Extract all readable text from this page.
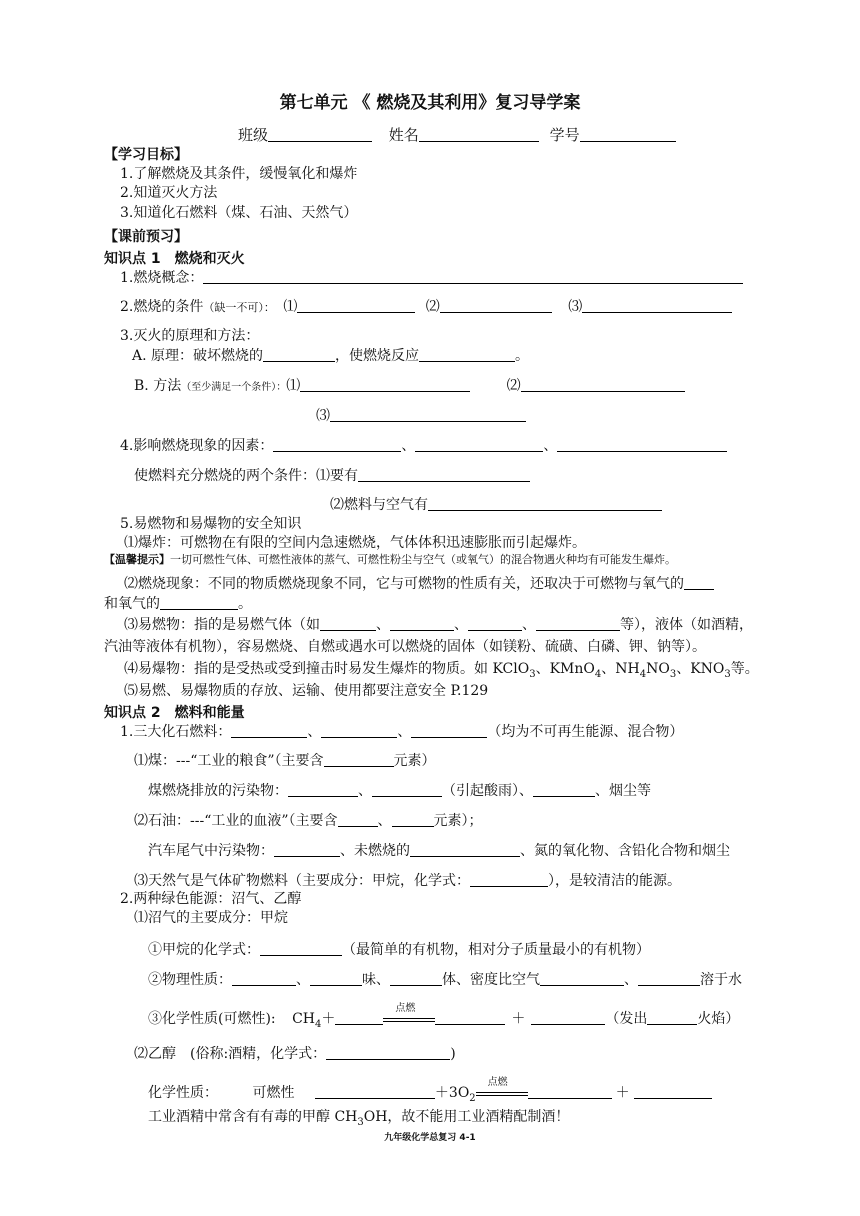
第七单元 《 燃烧及其利用》复习导学案
班级	姓名	学号
【学习目标】
1.了解燃烧及其条件，缓慢氧化和爆炸
2.知道灭火方法
3.知道化石燃料（煤、石油、天然气）
【课前预习】
知识点 1　燃烧和灭火
1.燃烧概念：
2.燃烧的条件（缺一不可）： ⑴	⑵	⑶
3.灭火的原理和方法：
A. 原理：破坏燃烧的	，使燃烧反应	。
B. 方法（至少满足一个条件）：⑴	⑵
⑶
4.影响燃烧现象的因素：	、	、
使燃料充分燃烧的两个条件：⑴要有
⑵燃料与空气有
5.易燃物和易爆物的安全知识
⑴爆炸：可燃物在有限的空间内急速燃烧，气体体积迅速膨胀而引起爆炸。
【温馨提示】一切可燃性气体、可燃性液体的蒸气、可燃性粉尘与空气（或氧气）的混合物遇火种均有可能发生爆炸。
⑵燃烧现象：不同的物质燃烧现象不同，它与可燃物的性质有关，还取决于可燃物与氧气的
和氧气的	。
⑶易燃物：指的是易燃气体（如	、	、	、	等），液体（如酒精，
汽油等液体有机物），容易燃烧、自燃或遇水可以燃烧的固体（如镁粉、硫磺、白磷、钾、钠等）。
⑷易爆物：指的是受热或受到撞击时易发生爆炸的物质。如 KClO$_3$、KMnO$_4$、$NH_4NO_3$、$KNO_3$等。
⑸易燃、易爆物质的存放、运输、使用都要注意安全 P.129
知识点 2　燃料和能量
1.三大化石燃料：	、	、	（均为不可再生能源、混合物）
⑴煤：---“工业的粮食”（主要含	元素）
煤燃烧排放的污染物：	、	（引起酸雨）、	、烟尘等
⑵石油：---“工业的血液”（主要含	、	元素）；
汽车尾气中污染物：	、未燃烧的	、氮的氧化物、含铅化合物和烟尘
⑶天然气是气体矿物燃料（主要成分：甲烷，化学式：	），是较清洁的能源。
2.两种绿色能源：沼气、乙醇
⑴沼气的主要成分：甲烷
①甲烷的化学式：	（最简单的有机物，相对分子质量最小的有机物）
②物理性质：	、	味、	体、密度比空气	、	溶于水
③化学性质(可燃性): $CH_4+$
点燃
＋	（发出	火焰）
⑵乙醇　(俗称:酒精，化学式：	)
化学性质： 可燃性	$+3O_2$
点燃
＋
工业酒精中常含有有毒的甲醇 $CH_3OH$，故不能用工业酒精配制酒！
九年级化学总复习 4-1
